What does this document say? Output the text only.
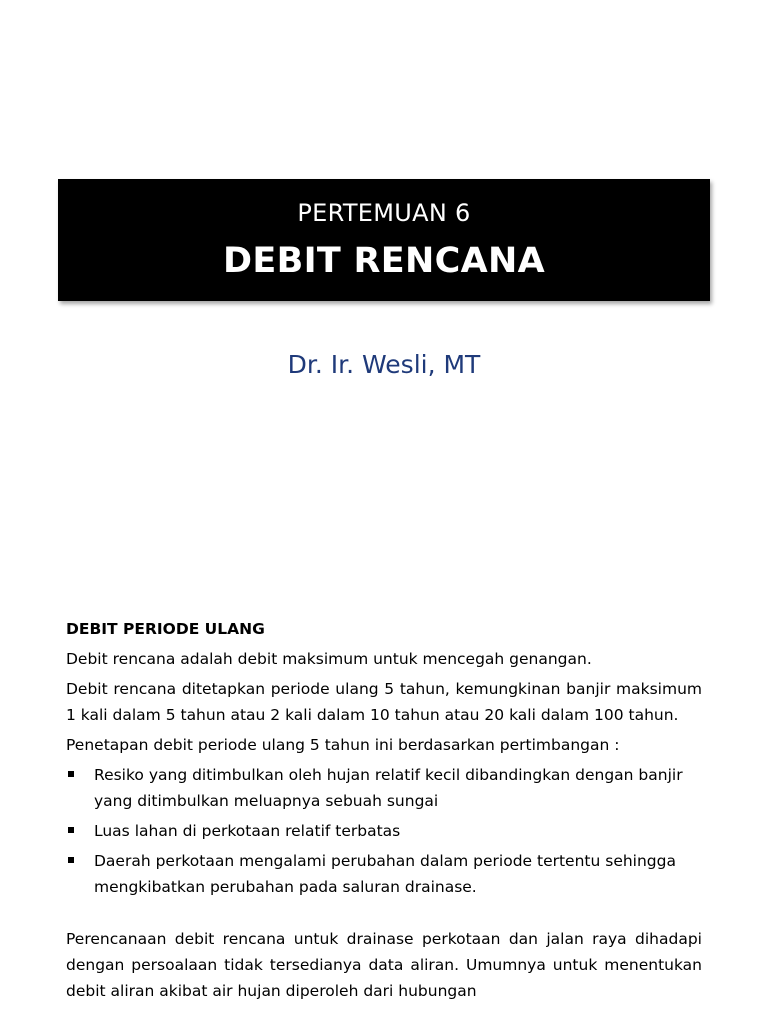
PERTEMUAN 6
DEBIT RENCANA
Dr. Ir. Wesli, MT

DEBIT PERIODE ULANG

Debit rencana adalah debit maksimum untuk mencegah genangan.

Debit rencana ditetapkan periode ulang 5 tahun, kemungkinan banjir maksimum 1 kali dalam 5 tahun atau 2 kali dalam 10 tahun atau 20 kali dalam 100 tahun.

Penetapan debit periode ulang 5 tahun ini berdasarkan pertimbangan :

Resiko yang ditimbulkan oleh hujan relatif kecil dibandingkan dengan banjir yang ditimbulkan meluapnya sebuah sungai
Luas lahan di perkotaan relatif terbatas
Daerah perkotaan mengalami perubahan dalam periode tertentu sehingga mengkibatkan perubahan pada saluran drainase.

Perencanaan debit rencana untuk drainase perkotaan dan jalan raya dihadapi dengan persoalaan tidak tersedianya data aliran. Umumnya untuk menentukan debit aliran akibat air hujan diperoleh dari hubungan
